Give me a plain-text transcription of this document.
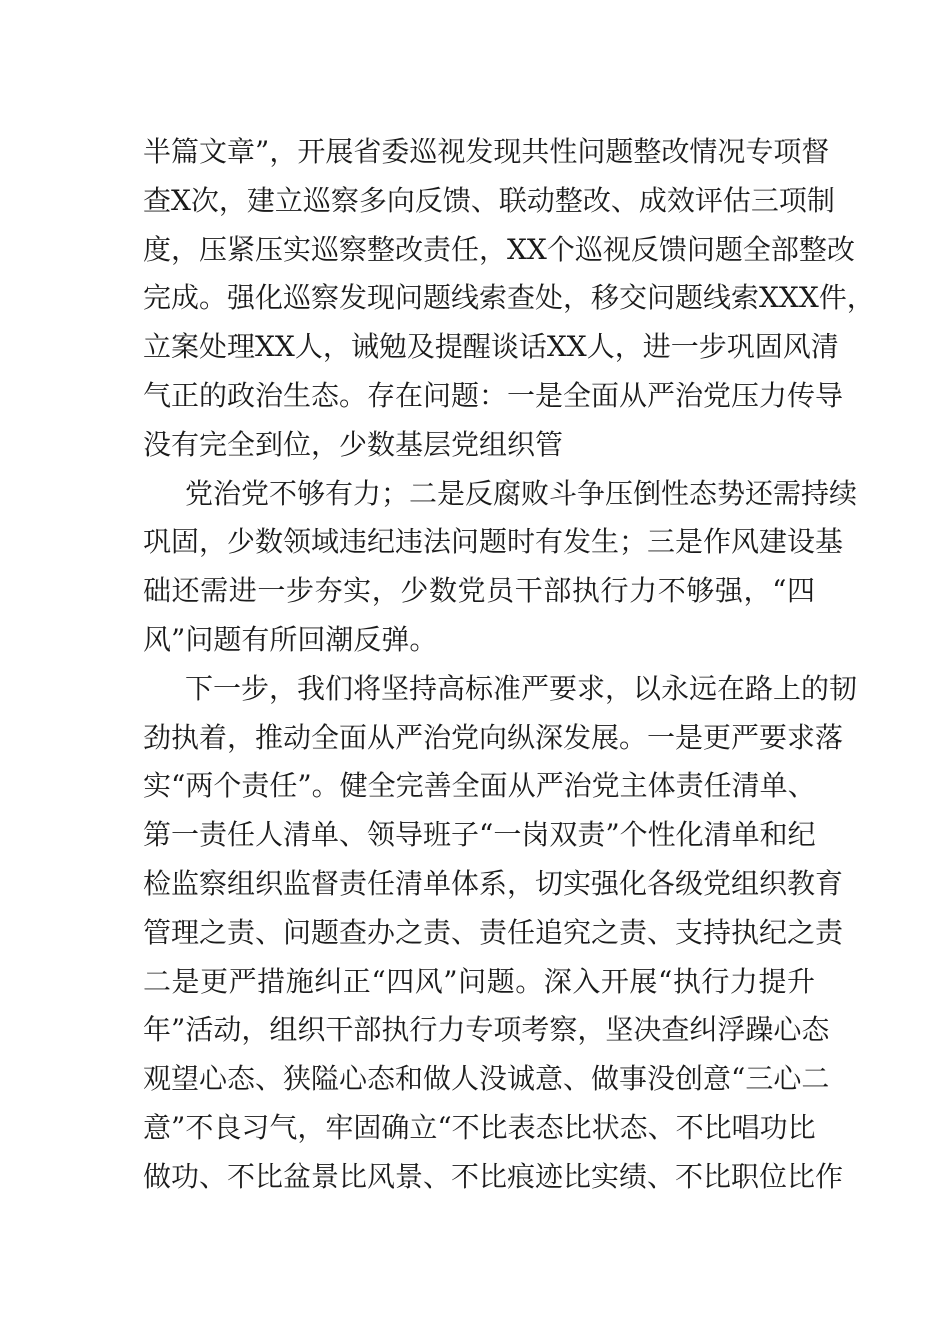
半篇文章”，开展省委巡视发现共性问题整改情况专项督
查X次，建立巡察多向反馈、联动整改、成效评估三项制
度，压紧压实巡察整改责任，XX个巡视反馈问题全部整改
完成。强化巡察发现问题线索查处，移交问题线索XXX件，
立案处理XX人，诫勉及提醒谈话XX人，进一步巩固风清
气正的政治生态。存在问题：一是全面从严治党压力传导
没有完全到位，少数基层党组织管
党治党不够有力；二是反腐败斗争压倒性态势还需持续
巩固，少数领域违纪违法问题时有发生；三是作风建设基
础还需进一步夯实，少数党员干部执行力不够强，“四
风”问题有所回潮反弹。
下一步，我们将坚持高标准严要求，以永远在路上的韧
劲执着，推动全面从严治党向纵深发展。一是更严要求落
实“两个责任”。健全完善全面从严治党主体责任清单、
第一责任人清单、领导班子“一岗双责”个性化清单和纪
检监察组织监督责任清单体系，切实强化各级党组织教育
管理之责、问题查办之责、责任追究之责、支持执纪之责
二是更严措施纠正“四风”问题。深入开展“执行力提升
年”活动，组织干部执行力专项考察，坚决查纠浮躁心态
观望心态、狭隘心态和做人没诚意、做事没创意“三心二
意”不良习气，牢固确立“不比表态比状态、不比唱功比
做功、不比盆景比风景、不比痕迹比实绩、不比职位比作
